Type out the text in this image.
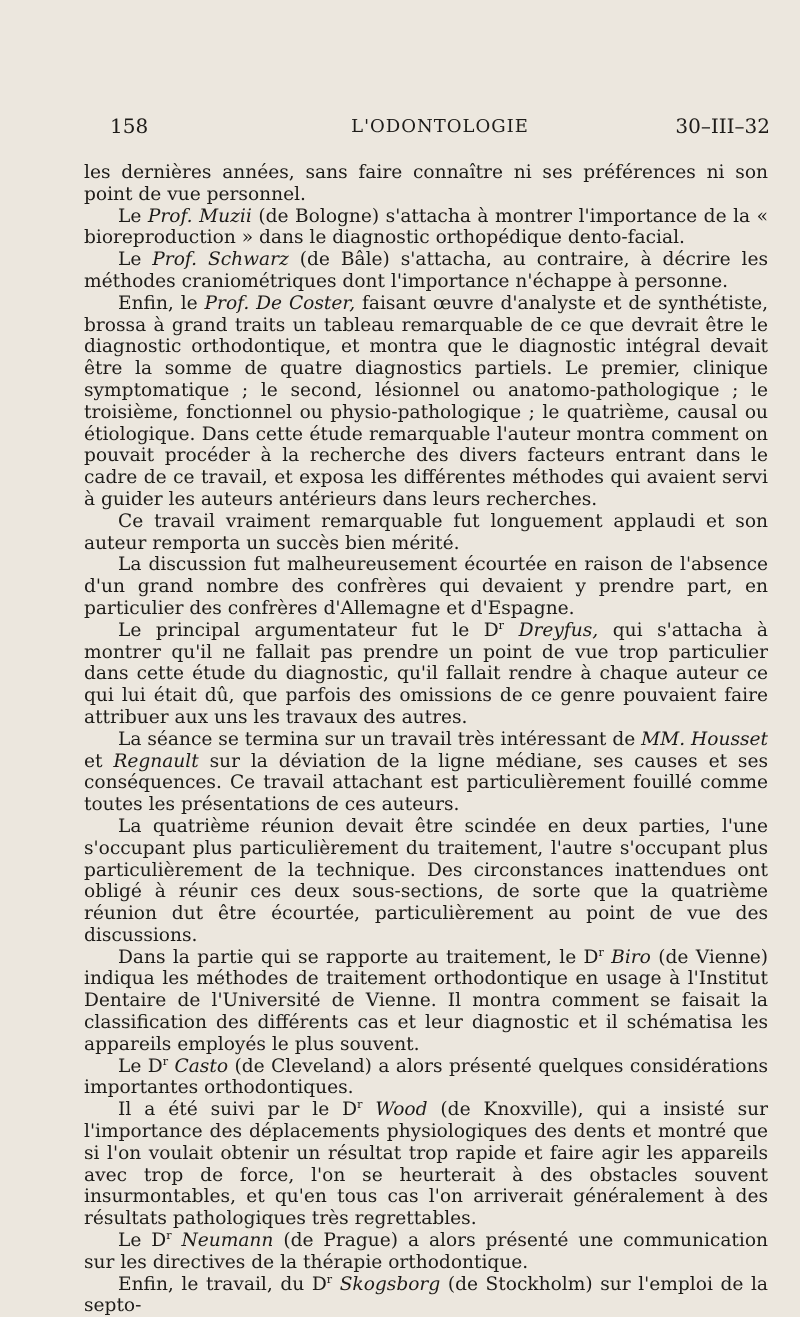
158	L'ODONTOLOGIE	30–III–32

les dernières années, sans faire connaître ni ses préférences ni son point de vue personnel.

Le Prof. Muzii (de Bologne) s'attacha à montrer l'importance de la « bioreproduction » dans le diagnostic orthopédique dento-facial.

Le Prof. Schwarz (de Bâle) s'attacha, au contraire, à décrire les méthodes craniométriques dont l'importance n'échappe à personne.

Enfin, le Prof. De Coster, faisant œuvre d'analyste et de synthétiste, brossa à grand traits un tableau remarquable de ce que devrait être le diagnostic orthodontique, et montra que le diagnostic intégral devait être la somme de quatre diagnostics partiels. Le premier, clinique symptomatique ; le second, lésionnel ou anatomo-pathologique ; le troisième, fonctionnel ou physio-pathologique ; le quatrième, causal ou étiologique. Dans cette étude remarquable l'auteur montra comment on pouvait procéder à la recherche des divers facteurs entrant dans le cadre de ce travail, et exposa les différentes méthodes qui avaient servi à guider les auteurs antérieurs dans leurs recherches.

Ce travail vraiment remarquable fut longuement applaudi et son auteur remporta un succès bien mérité.

La discussion fut malheureusement écourtée en raison de l'absence d'un grand nombre des confrères qui devaient y prendre part, en particulier des confrères d'Allemagne et d'Espagne.

Le principal argumentateur fut le $D^r$ Dreyfus, qui s'attacha à montrer qu'il ne fallait pas prendre un point de vue trop particulier dans cette étude du diagnostic, qu'il fallait rendre à chaque auteur ce qui lui était dû, que parfois des omissions de ce genre pouvaient faire attribuer aux uns les travaux des autres.

La séance se termina sur un travail très intéressant de MM. Housset et Regnault sur la déviation de la ligne médiane, ses causes et ses conséquences. Ce travail attachant est particulièrement fouillé comme toutes les présentations de ces auteurs.

La quatrième réunion devait être scindée en deux parties, l'une s'occupant plus particulièrement du traitement, l'autre s'occupant plus particulièrement de la technique. Des circonstances inattendues ont obligé à réunir ces deux sous-sections, de sorte que la quatrième réunion dut être écourtée, particulièrement au point de vue des discussions.

Dans la partie qui se rapporte au traitement, le $D^r$ Biro (de Vienne) indiqua les méthodes de traitement orthodontique en usage à l'Institut Dentaire de l'Université de Vienne. Il montra comment se faisait la classification des différents cas et leur diagnostic et il schématisa les appareils employés le plus souvent.

Le $D^r$ Casto (de Cleveland) a alors présenté quelques considérations importantes orthodontiques.

Il a été suivi par le $D^r$ Wood (de Knoxville), qui a insisté sur l'importance des déplacements physiologiques des dents et montré que si l'on voulait obtenir un résultat trop rapide et faire agir les appareils avec trop de force, l'on se heurterait à des obstacles souvent insurmontables, et qu'en tous cas l'on arriverait généralement à des résultats pathologiques très regrettables.

Le $D^r$ Neumann (de Prague) a alors présenté une communication sur les directives de la thérapie orthodontique.

Enfin, le travail, du $D^r$ Skogsborg (de Stockholm) sur l'emploi de la septo-
